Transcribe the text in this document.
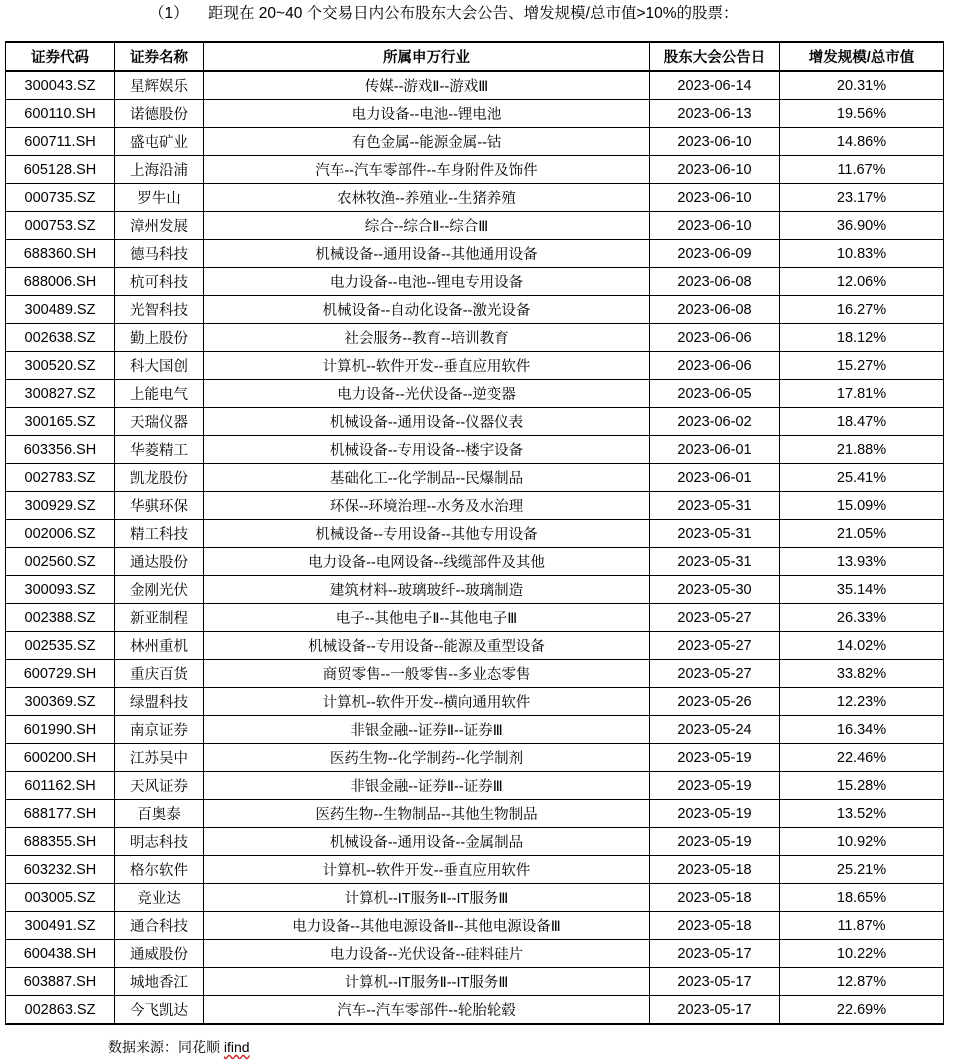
（1） 距现在 20~40 个交易日内公布股东大会公告、增发规模/总市值>10%的股票：
证券代码	证券名称	所属申万行业	股东大会公告日	增发规模/总市值
300043.SZ	星辉娱乐	传媒--游戏Ⅱ--游戏Ⅲ	2023-06-14	20.31%
600110.SH	诺德股份	电力设备--电池--锂电池	2023-06-13	19.56%
600711.SH	盛屯矿业	有色金属--能源金属--钴	2023-06-10	14.86%
605128.SH	上海沿浦	汽车--汽车零部件--车身附件及饰件	2023-06-10	11.67%
000735.SZ	罗牛山	农林牧渔--养殖业--生猪养殖	2023-06-10	23.17%
000753.SZ	漳州发展	综合--综合Ⅱ--综合Ⅲ	2023-06-10	36.90%
688360.SH	德马科技	机械设备--通用设备--其他通用设备	2023-06-09	10.83%
688006.SH	杭可科技	电力设备--电池--锂电专用设备	2023-06-08	12.06%
300489.SZ	光智科技	机械设备--自动化设备--激光设备	2023-06-08	16.27%
002638.SZ	勤上股份	社会服务--教育--培训教育	2023-06-06	18.12%
300520.SZ	科大国创	计算机--软件开发--垂直应用软件	2023-06-06	15.27%
300827.SZ	上能电气	电力设备--光伏设备--逆变器	2023-06-05	17.81%
300165.SZ	天瑞仪器	机械设备--通用设备--仪器仪表	2023-06-02	18.47%
603356.SH	华菱精工	机械设备--专用设备--楼宇设备	2023-06-01	21.88%
002783.SZ	凯龙股份	基础化工--化学制品--民爆制品	2023-06-01	25.41%
300929.SZ	华骐环保	环保--环境治理--水务及水治理	2023-05-31	15.09%
002006.SZ	精工科技	机械设备--专用设备--其他专用设备	2023-05-31	21.05%
002560.SZ	通达股份	电力设备--电网设备--线缆部件及其他	2023-05-31	13.93%
300093.SZ	金刚光伏	建筑材料--玻璃玻纤--玻璃制造	2023-05-30	35.14%
002388.SZ	新亚制程	电子--其他电子Ⅱ--其他电子Ⅲ	2023-05-27	26.33%
002535.SZ	林州重机	机械设备--专用设备--能源及重型设备	2023-05-27	14.02%
600729.SH	重庆百货	商贸零售--一般零售--多业态零售	2023-05-27	33.82%
300369.SZ	绿盟科技	计算机--软件开发--横向通用软件	2023-05-26	12.23%
601990.SH	南京证券	非银金融--证券Ⅱ--证券Ⅲ	2023-05-24	16.34%
600200.SH	江苏吴中	医药生物--化学制药--化学制剂	2023-05-19	22.46%
601162.SH	天风证券	非银金融--证券Ⅱ--证券Ⅲ	2023-05-19	15.28%
688177.SH	百奥泰	医药生物--生物制品--其他生物制品	2023-05-19	13.52%
688355.SH	明志科技	机械设备--通用设备--金属制品	2023-05-19	10.92%
603232.SH	格尔软件	计算机--软件开发--垂直应用软件	2023-05-18	25.21%
003005.SZ	竞业达	计算机--IT服务Ⅱ--IT服务Ⅲ	2023-05-18	18.65%
300491.SZ	通合科技	电力设备--其他电源设备Ⅱ--其他电源设备Ⅲ	2023-05-18	11.87%
600438.SH	通威股份	电力设备--光伏设备--硅料硅片	2023-05-17	10.22%
603887.SH	城地香江	计算机--IT服务Ⅱ--IT服务Ⅲ	2023-05-17	12.87%
002863.SZ	今飞凯达	汽车--汽车零部件--轮胎轮毂	2023-05-17	22.69%
数据来源：同花顺 ifind
